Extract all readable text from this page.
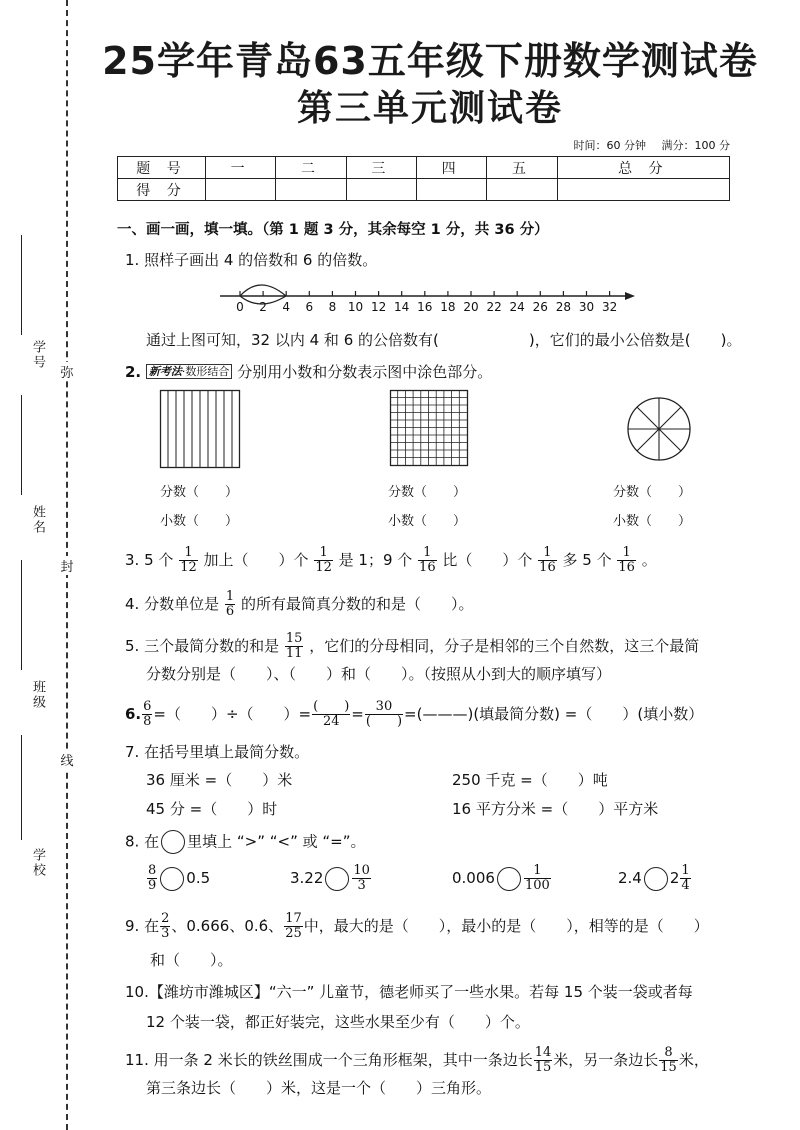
学号
姓名
班级
学校
弥
封
线
25学年青岛63五年级下册数学测试卷
第三单元测试卷
时间：60 分钟 满分：100 分
题 号	一	二	三	四	五	总 分
得 分						
一、画一画，填一填。（第 1 题 3 分，其余每空 1 分，共 36 分）
1. 照样子画出 4 的倍数和 6 的倍数。
0 2 4 6 8 10 12 14 16 18 20 22 24 26 28 30 32
通过上图可知，32 以内 4 和 6 的公倍数有(	)，它们的最小公倍数是( )。
2. 新考法·数形结合 分别用小数和分数表示图中涂色部分。
分数（　　）
小数（　　）
分数（　　）
小数（　　）
分数（　　）
小数（　　）
3. 5 个 $\frac{1}{12}$ 加上（　　）个 $\frac{1}{12}$ 是 1；9 个 $\frac{1}{16}$ 比（　　）个 $\frac{1}{16}$ 多 5 个 $\frac{1}{16}$ 。
4. 分数单位是 $\frac{1}{6}$ 的所有最简真分数的和是（　　）。
5. 三个最简分数的和是 $\frac{15}{11}$ ，它们的分母相同，分子是相邻的三个自然数，这三个最简
分数分别是（　　）、（　　）和（　　）。（按照从小到大的顺序填写）
6. $\frac{6}{8}$ =（　　）÷（　　）= $\frac{( )}{24} = \frac{30}{( )}$ =(———)(填最简分数) =（　　）(填小数）
7. 在括号里填上最简分数。
36 厘米 =（　　）米	250 千克 =（　　）吨
45 分 =（　　）时	16 平方分米 =（　　）平方米
8. 在 里填上 “>” “<” 或 “=”。
$\frac{8}{9} 0.5$	$3.22 \frac{10}{3}$	$0.006 \frac{1}{100}$	2.4 $2 \frac{1}{4}$
9. 在 $\frac{2}{3}$ 、0.666、0.6̇、 $\frac{17}{25}$ 中，最大的是（　　），最小的是（　　），相等的是（　　）
和（　　）。
10.【潍坊市潍城区】“六一” 儿童节，德老师买了一些水果。若每 15 个装一袋或者每
12 个装一袋，都正好装完，这些水果至少有（　　）个。
11. 用一条 2 米长的铁丝围成一个三角形框架，其中一条边长 $\frac{14}{15}$ 米，另一条边长 $\frac{8}{15}$ 米，
第三条边长（　　）米，这是一个（　　）三角形。
